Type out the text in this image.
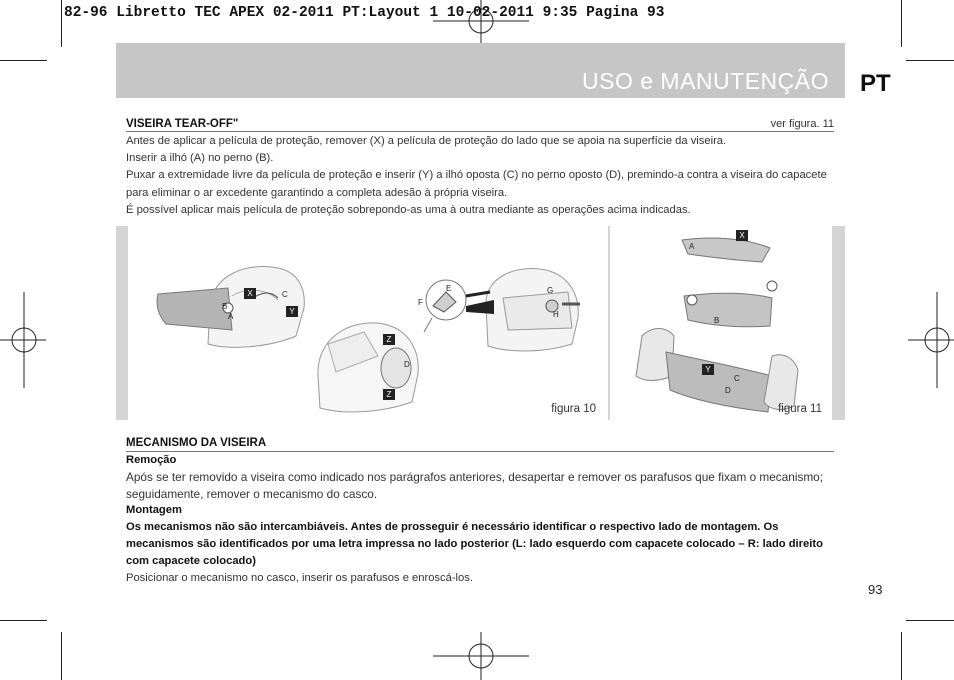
82-96 Libretto TEC APEX 02-2011 PT:Layout 1 10-02-2011 9:35 Pagina 93
USO e MANUTENÇÃO PT
VISEIRA TEAR-OFF"	ver figura. 11

Antes de aplicar a película de proteção, remover (X) a película de proteção do lado que se apoia na superfície da viseira.

Inserir a ilhó (A) no perno (B).

Puxar a extremidade livre da película de proteção e inserir (Y) a ilhó oposta (C) no perno oposto (D), premindo-a contra a viseira do capacete para eliminar o ar excedente garantindo a completa adesão à própria viseira.

É possível aplicar mais película de proteção sobrepondo-as uma à outra mediante as operações acima indicadas.

X	C
Y
B
A
Z
D
Z
E
F
G
H
figura 10
A
X
B
Y
C
D
figura 11
MECANISMO DA VISEIRA

Remoção

Após se ter removido a viseira como indicado nos parágrafos anteriores, desapertar e remover os parafusos que fixam o mecanismo; seguidamente, remover o mecanismo do casco.

Montagem

Os mecanismos não são intercambiáveis. Antes de prosseguir é necessário identificar o respectivo lado de montagem. Os mecanismos são identificados por uma letra impressa no lado posterior (L: lado esquerdo com capacete colocado – R: lado direito com capacete colocado)

Posicionar o mecanismo no casco, inserir os parafusos e enroscá-los.

93
